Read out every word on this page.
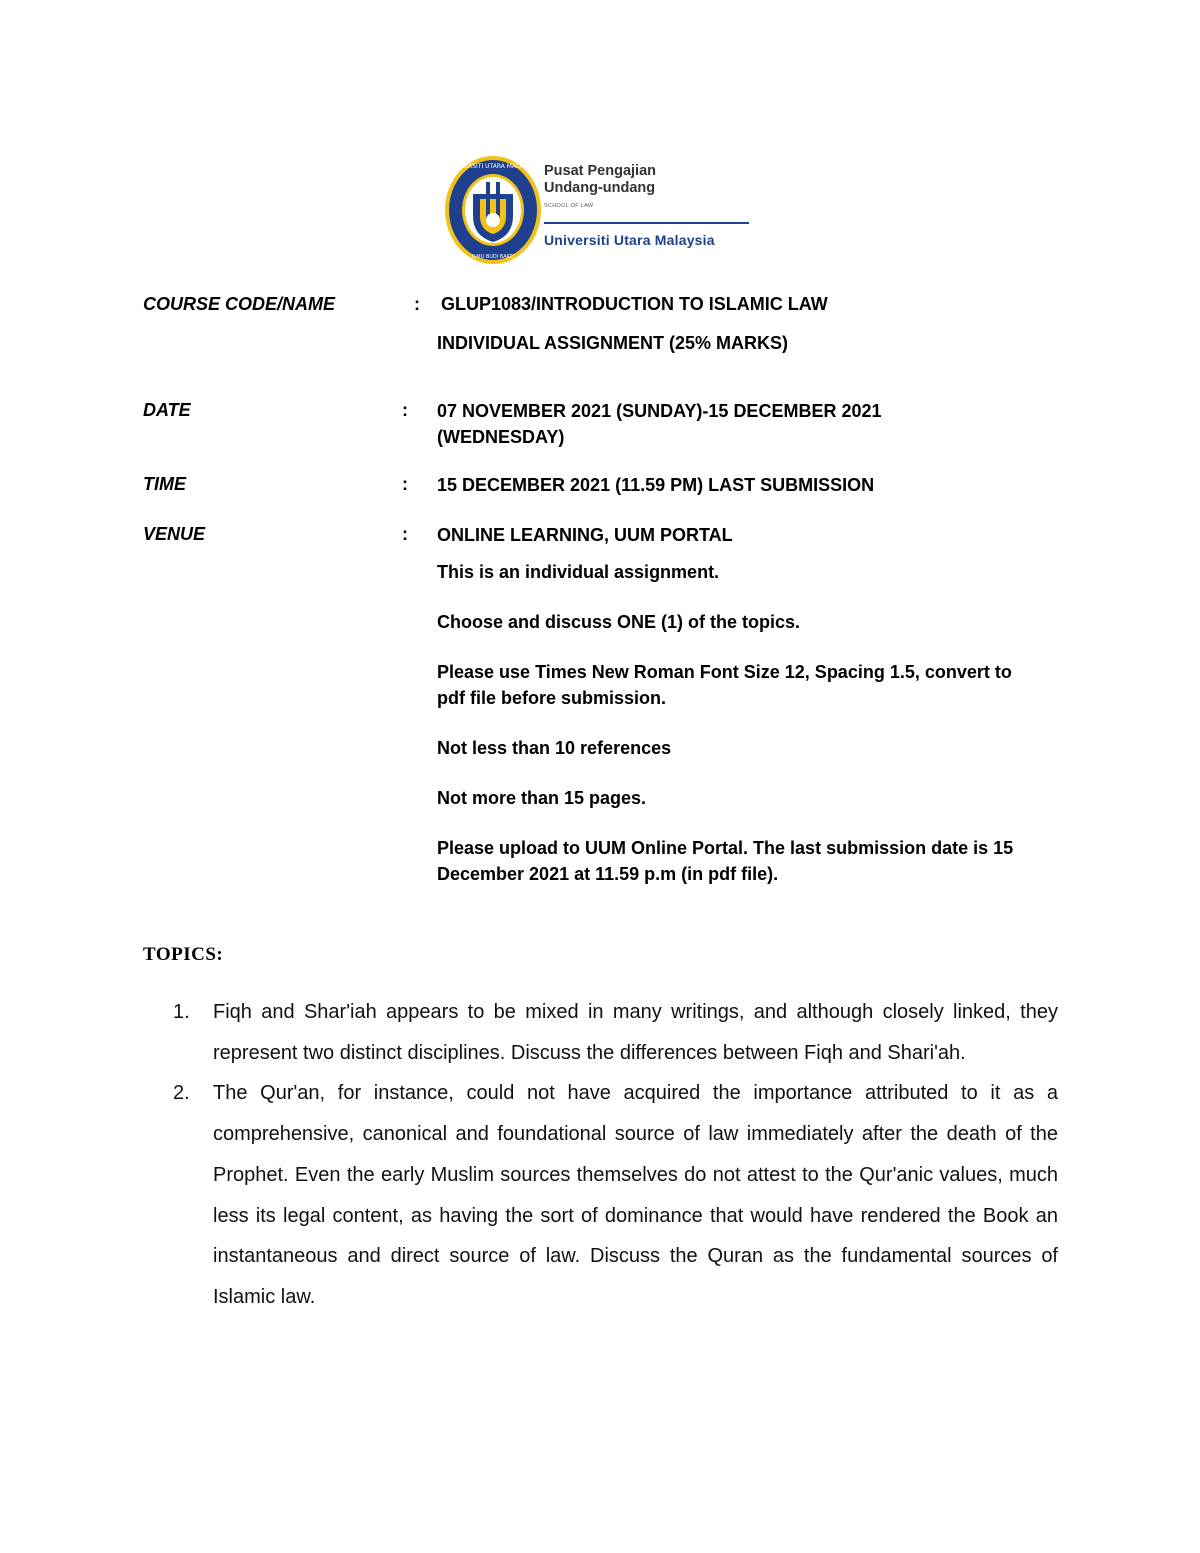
UNIVERSITI UTARA MALAYSIA
ILMU BUDI BAKTI
Pusat Pengajian
Undang-undang
SCHOOL OF LAW
Universiti Utara Malaysia
COURSE CODE/NAME	: GLUP1083/INTRODUCTION TO ISLAMIC LAW
INDIVIDUAL ASSIGNMENT (25% MARKS)
DATE	: 07 NOVEMBER 2021 (SUNDAY)-15 DECEMBER 2021
(WEDNESDAY)
TIME	: 15 DECEMBER 2021 (11.59 PM) LAST SUBMISSION
VENUE	: ONLINE LEARNING, UUM PORTAL
This is an individual assignment.
Choose and discuss ONE (1) of the topics.
Please use Times New Roman Font Size 12, Spacing 1.5, convert to pdf file before submission.
Not less than 10 references
Not more than 15 pages.
Please upload to UUM Online Portal. The last submission date is 15 December 2021 at 11.59 p.m (in pdf file).
TOPICS:
1. Fiqh and Shar'iah appears to be mixed in many writings, and although closely linked, they represent two distinct disciplines. Discuss the differences between Fiqh and Shari'ah.
2. The Qur'an, for instance, could not have acquired the importance attributed to it as a comprehensive, canonical and foundational source of law immediately after the death of the Prophet. Even the early Muslim sources themselves do not attest to the Qur'anic values, much less its legal content, as having the sort of dominance that would have rendered the Book an instantaneous and direct source of law. Discuss the Quran as the fundamental sources of Islamic law.
